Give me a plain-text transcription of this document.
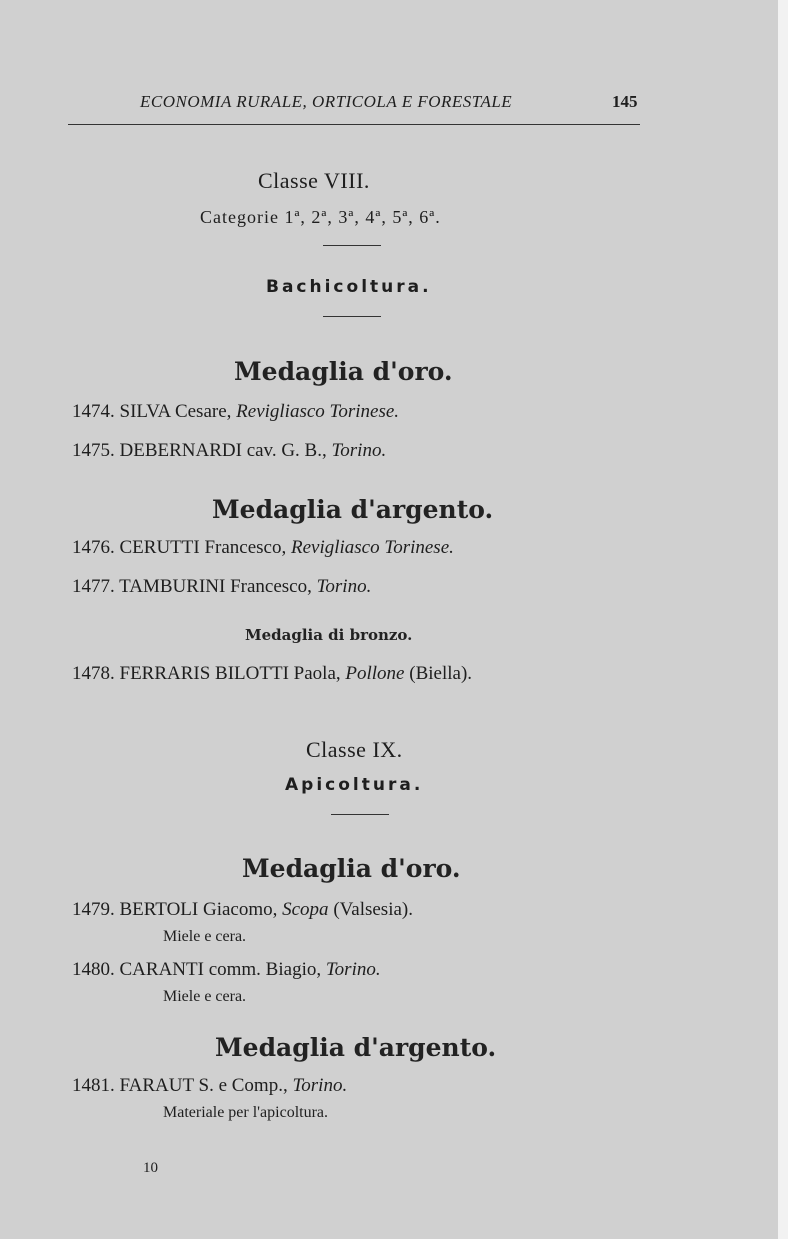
ECONOMIA RURALE, ORTICOLA E FORESTALE	145
Classe VIII.
Categorie 1ª, 2ª, 3ª, 4ª, 5ª, 6ª.
Bachicoltura.
Medaglia d'oro.
1474. SILVA Cesare, Revigliasco Torinese.
1475. DEBERNARDI cav. G. B., Torino.
Medaglia d'argento.
1476. CERUTTI Francesco, Revigliasco Torinese.
1477. TAMBURINI Francesco, Torino.
Medaglia di bronzo.
1478. FERRARIS BILOTTI Paola, Pollone (Biella).
Classe IX.
Apicoltura.
Medaglia d'oro.
1479. BERTOLI Giacomo, Scopa (Valsesia).
Miele e cera.
1480. CARANTI comm. Biagio, Torino.
Miele e cera.
Medaglia d'argento.
1481. FARAUT S. e Comp., Torino.
Materiale per l'apicoltura.
10
